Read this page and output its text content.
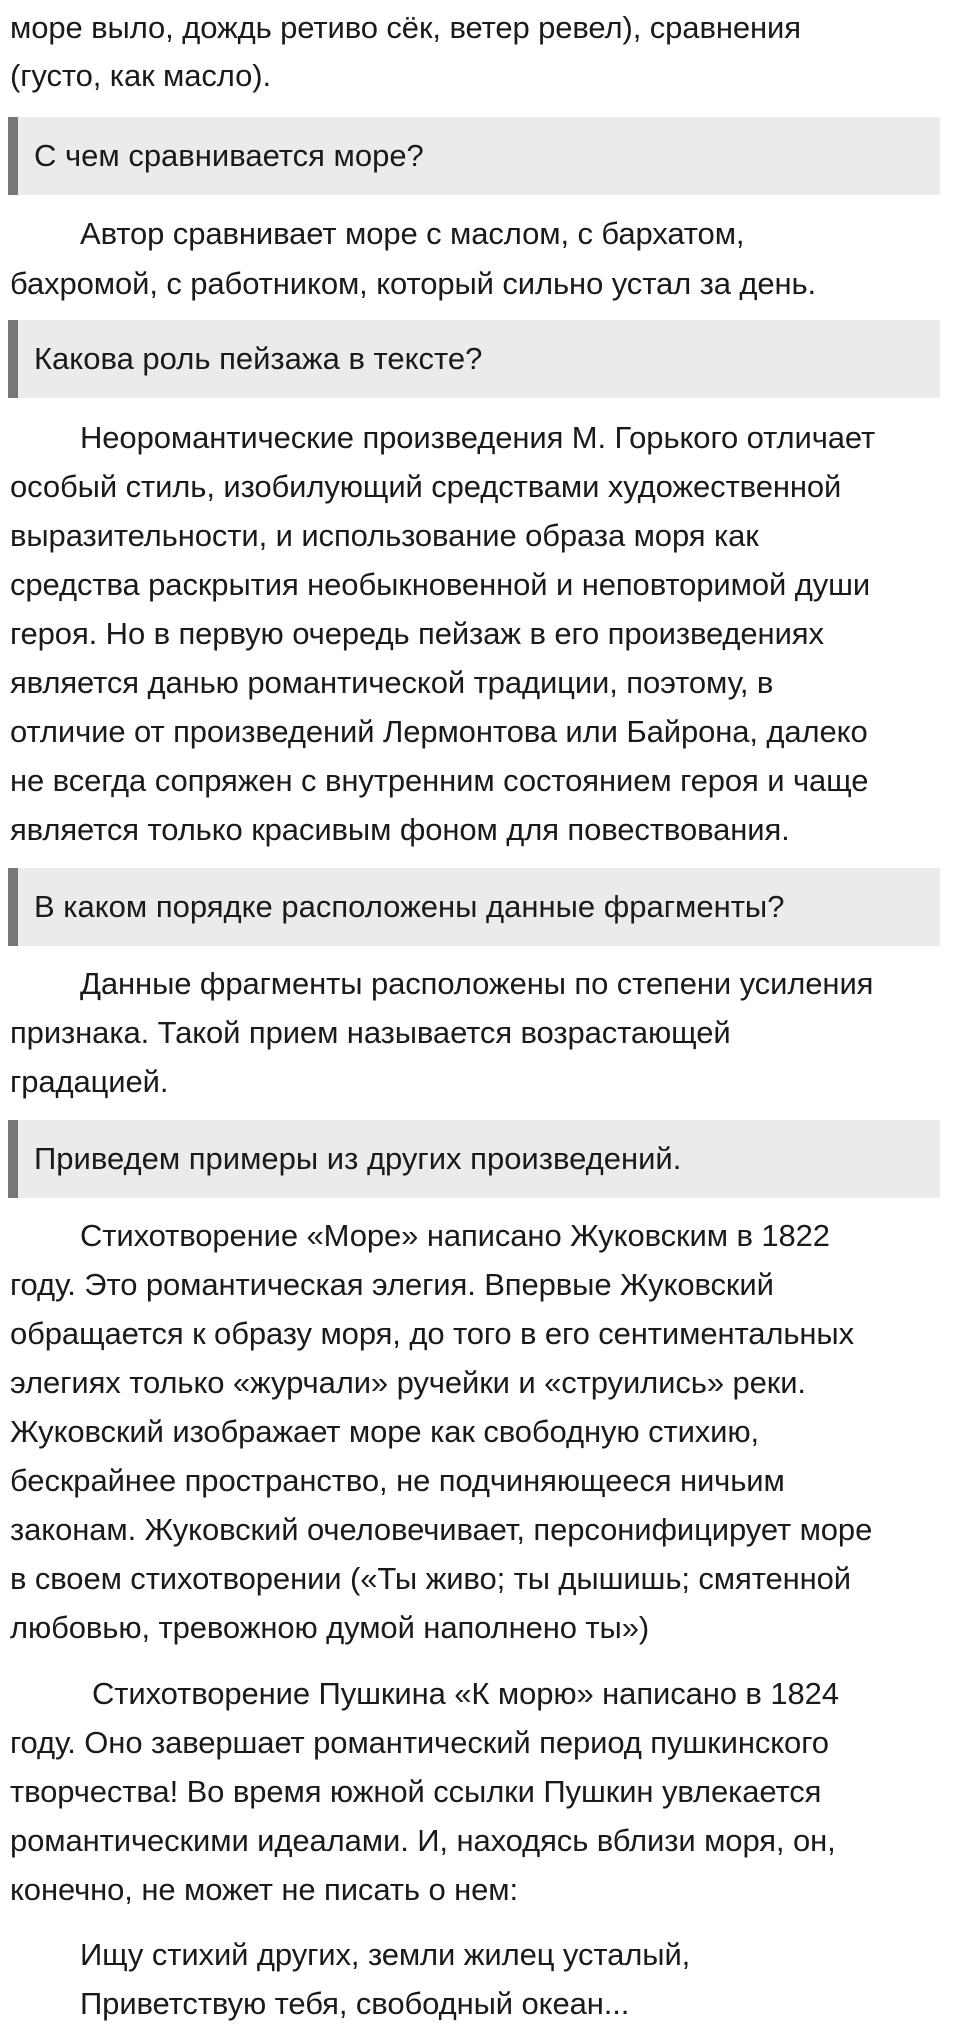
море выло, дождь ретиво сёк, ветер ревел), сравнения
(густо, как масло).
С чем сравнивается море?
Автор сравнивает море с маслом, с бархатом,
бахромой, с работником, который сильно устал за день.
Какова роль пейзажа в тексте?
Неоромантические произведения М. Горького отличает
особый стиль, изобилующий средствами художественной
выразительности, и использование образа моря как
средства раскрытия необыкновенной и неповторимой души
героя. Но в первую очередь пейзаж в его произведениях
является данью романтической традиции, поэтому, в
отличие от произведений Лермонтова или Байрона, далеко
не всегда сопряжен с внутренним состоянием героя и чаще
является только красивым фоном для повествования.
В каком порядке расположены данные фрагменты?
Данные фрагменты расположены по степени усиления
признака. Такой прием называется возрастающей
градацией.
Приведем примеры из других произведений.
Стихотворение «Море» написано Жуковским в 1822
году. Это романтическая элегия. Впервые Жуковский
обращается к образу моря, до того в его сентиментальных
элегиях только «журчали» ручейки и «струились» реки.
Жуковский изображает море как свободную стихию,
бескрайнее пространство, не подчиняющееся ничьим
законам. Жуковский очеловечивает, персонифицирует море
в своем стихотворении («Ты живо; ты дышишь; смятенной
любовью, тревожною думой наполнено ты»)
Стихотворение Пушкина «К морю» написано в 1824
году. Оно завершает романтический период пушкинского
творчества! Во время южной ссылки Пушкин увлекается
романтическими идеалами. И, находясь вблизи моря, он,
конечно, не может не писать о нем:
Ищу стихий других, земли жилец усталый,
Приветствую тебя, свободный океан...
